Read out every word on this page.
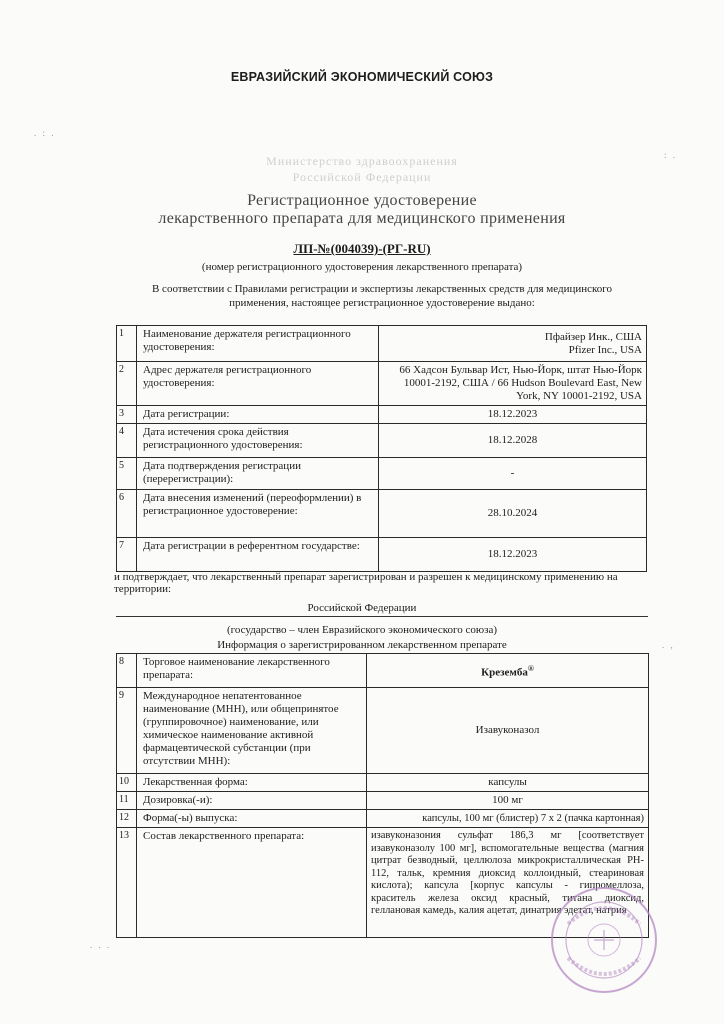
ЕВРАЗИЙСКИЙ ЭКОНОМИЧЕСКИЙ СОЮЗ
Министерство здравоохранения
Российской Федерации
Регистрационное удостоверение
лекарственного препарата для медицинского применения
ЛП-№(004039)-(РГ-RU)
(номер регистрационного удостоверения лекарственного препарата)
В соответствии с Правилами регистрации и экспертизы лекарственных средств для медицинского применения, настоящее регистрационное удостоверение выдано:
1	Наименование держателя регистрационного удостоверения:	Пфайзер Инк., США
Pfizer Inc., USA
2	Адрес держателя регистрационного удостоверения:	66 Хадсон Бульвар Ист, Нью-Йорк, штат Нью-Йорк 10001-2192, США / 66 Hudson Boulevard East, New York, NY 10001-2192, USA
3	Дата регистрации:	18.12.2023
4	Дата истечения срока действия регистрационного удостоверения:	18.12.2028
5	Дата подтверждения регистрации (перерегистрации):	-
6	Дата внесения изменений (переоформлении) в регистрационное удостоверение:	28.10.2024
7	Дата регистрации в референтном государстве:	18.12.2023
и подтверждает, что лекарственный препарат зарегистрирован и разрешен к медицинскому применению на территории:
Российской Федерации
(государство – член Евразийского экономического союза)
Информация о зарегистрированном лекарственном препарате
8	Торговое наименование лекарственного препарата:	Креземба®
9	Международное непатентованное наименование (МНН), или общепринятое (группировочное) наименование, или химическое наименование активной фармацевтической субстанции (при отсутствии МНН):	Изавуконазол
10	Лекарственная форма:	капсулы
11	Дозировка(-и):	100 мг
12	Форма(-ы) выпуска:	капсулы, 100 мг (блистер) 7 x 2 (пачка картонная)
13	Состав лекарственного препарата:	изавуконазония сульфат 186,3 мг [соответствует изавуконазолу 100 мг], вспомогательные вещества (магния цитрат безводный, целлюлоза микрокристаллическая PH-112, тальк, кремния диоксид коллоидный, стеариновая кислота); капсула [корпус капсулы - гипромеллоза, краситель железа оксид красный, титана диоксид, геллановая камедь, калия ацетат, динатрия эдетат, натрия
. : .
: .
. ,
. . .
